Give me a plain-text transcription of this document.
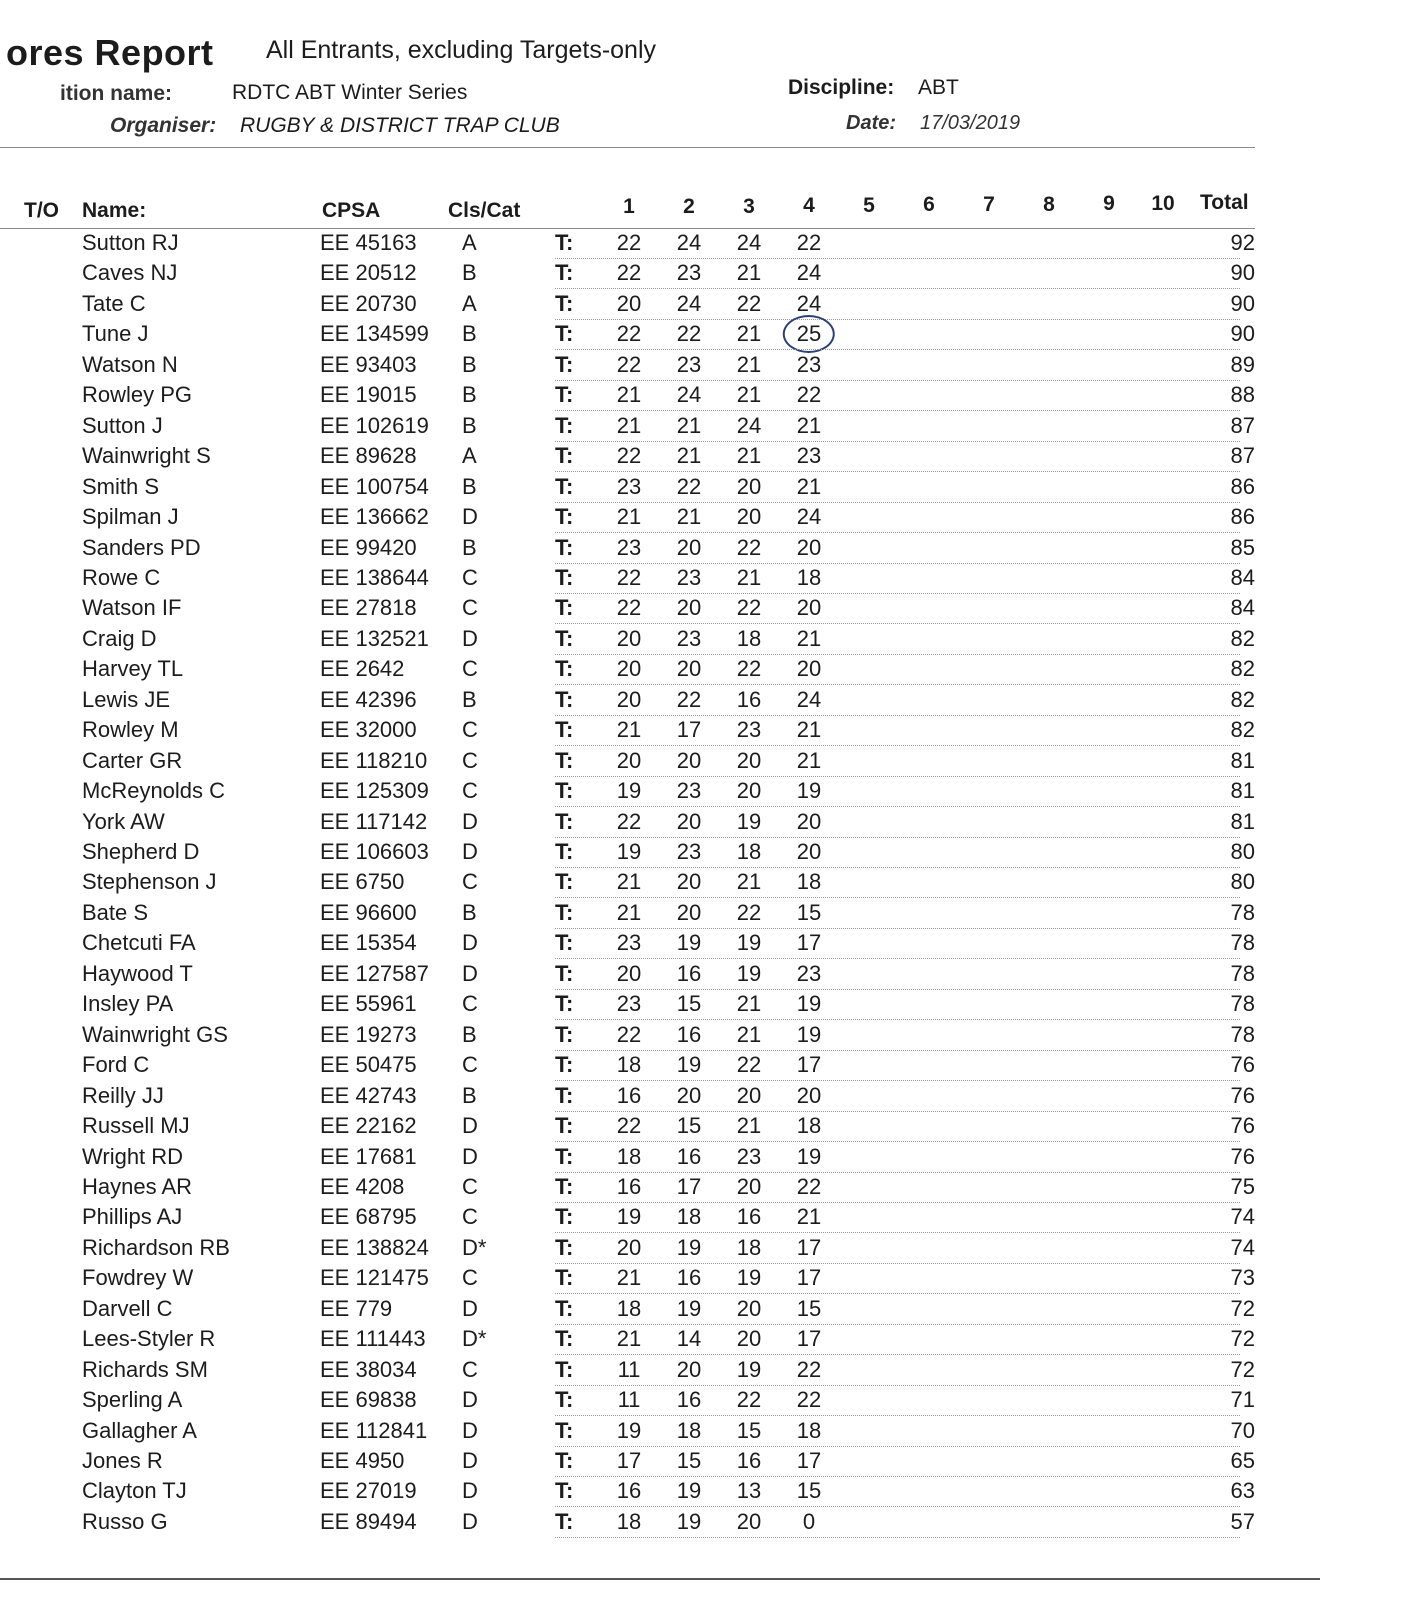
ores Report All Entrants, excluding Targets-only
ition name:	RDTC ABT Winter Series
Organiser: RUGBY & DISTRICT TRAP CLUB
Discipline: ABT
Date: 17/03/2019
T/O Name:	CPSA	Cls/Cat	1 2 3 4 5 6 7 8 9 10 Total
Sutton RJ	EE 45163 A	T: 22 24 24 22	92
Caves NJ	EE 20512 B	T: 22 23 21 24	90
Tate C	EE 20730 A	T: 20 24 22 24	90
Tune J	EE 134599 B	T: 22 22 21 25	90
Watson N	EE 93403 B	T: 22 23 21 23	89
Rowley PG	EE 19015 B	T: 21 24 21 22	88
Sutton J	EE 102619 B	T: 21 21 24 21	87
Wainwright S	EE 89628 A	T: 22 21 21 23	87
Smith S	EE 100754 B	T: 23 22 20 21	86
Spilman J	EE 136662 D	T: 21 21 20 24	86
Sanders PD	EE 99420 B	T: 23 20 22 20	85
Rowe C	EE 138644 C	T: 22 23 21 18	84
Watson IF	EE 27818 C	T: 22 20 22 20	84
Craig D	EE 132521 D	T: 20 23 18 21	82
Harvey TL	EE 2642	C	T: 20 20 22 20	82
Lewis JE	EE 42396 B	T: 20 22 16 24	82
Rowley M	EE 32000 C	T: 21 17 23 21	82
Carter GR	EE 118210 C	T: 20 20 20 21	81
McReynolds C	EE 125309 C	T: 19 23 20 19	81
York AW	EE 117142 D	T: 22 20 19 20	81
Shepherd D	EE 106603 D	T: 19 23 18 20	80
Stephenson J	EE 6750	C	T: 21 20 21 18	80
Bate S	EE 96600 B	T: 21 20 22 15	78
Chetcuti FA	EE 15354 D	T: 23 19 19 17	78
Haywood T	EE 127587 D	T: 20 16 19 23	78
Insley PA	EE 55961 C	T: 23 15 21 19	78
Wainwright GS	EE 19273 B	T: 22 16 21 19	78
Ford C	EE 50475 C	T: 18 19 22 17	76
Reilly JJ	EE 42743 B	T: 16 20 20 20	76
Russell MJ	EE 22162 D	T: 22 15 21 18	76
Wright RD	EE 17681 D	T: 18 16 23 19	76
Haynes AR	EE 4208	C	T: 16 17 20 22	75
Phillips AJ	EE 68795 C	T: 19 18 16 21	74
Richardson RB	EE 138824 D*	T: 20 19 18 17	74
Fowdrey W	EE 121475 C	T: 21 16 19 17	73
Darvell C	EE 779	D	T: 18 19 20 15	72
Lees-Styler R	EE 111443 D*	T: 21 14 20 17	72
Richards SM	EE 38034 C	T: 11 20 19 22	72
Sperling A	EE 69838 D	T: 11 16 22 22	71
Gallagher A	EE 112841 D	T: 19 18 15 18	70
Jones R	EE 4950	D	T: 17 15 16 17	65
Clayton TJ	EE 27019 D	T: 16 19 13 15	63
Russo G	EE 89494 D	T: 18 19 20 0	57
